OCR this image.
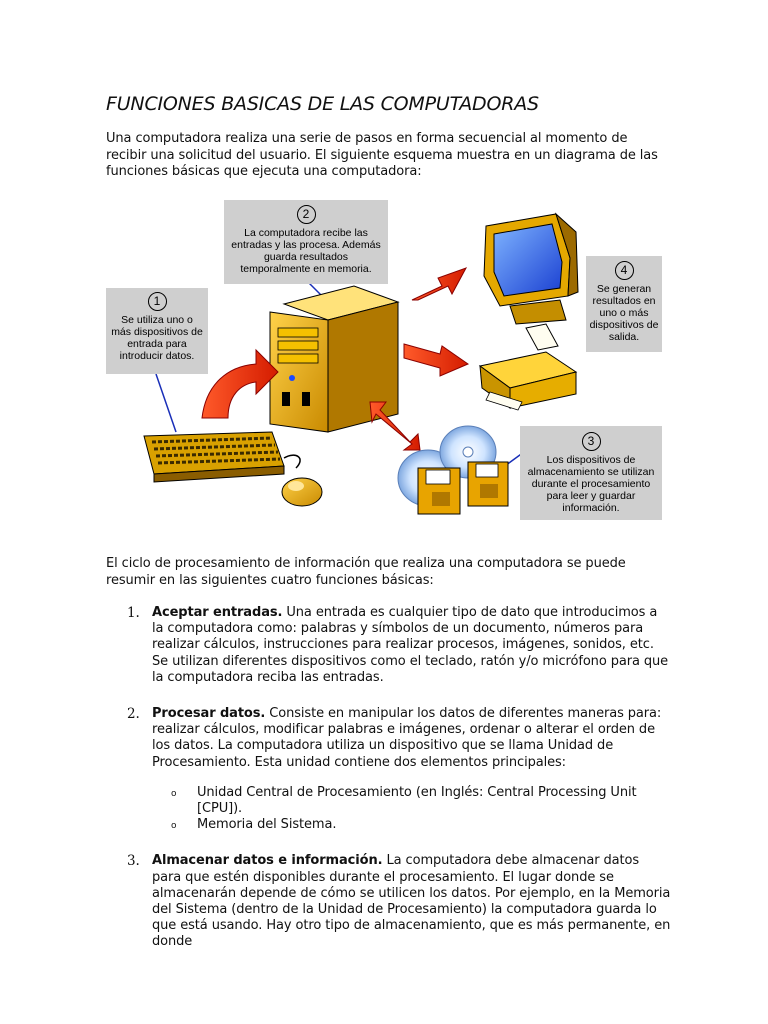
FUNCIONES BASICAS DE LAS COMPUTADORAS
Una computadora realiza una serie de pasos en forma secuencial al momento de recibir una solicitud del usuario. El siguiente esquema muestra en un diagrama de las funciones básicas que ejecuta una computadora:
1
Se utiliza uno o más dispositivos de entrada para introducir datos.
2
La computadora recibe las entradas y las procesa. Además guarda resultados temporalmente en memoria.
3
Los dispositivos de almacenamiento se utilizan durante el procesamiento para leer y guardar información.
4
Se generan resultados en uno o más dispositivos de salida.
El ciclo de procesamiento de información que realiza una computadora se puede resumir en las siguientes cuatro funciones básicas:
1. Aceptar entradas. Una entrada es cualquier tipo de dato que introducimos a la computadora como: palabras y símbolos de un documento, números para realizar cálculos, instrucciones para realizar procesos, imágenes, sonidos, etc. Se utilizan diferentes dispositivos como el teclado, ratón y/o micrófono para que la computadora reciba las entradas.
2. Procesar datos. Consiste en manipular los datos de diferentes maneras para: realizar cálculos, modificar palabras e imágenes, ordenar o alterar el orden de los datos. La computadora utiliza un dispositivo que se llama Unidad de Procesamiento. Esta unidad contiene dos elementos principales:
o Unidad Central de Procesamiento (en Inglés: Central Processing Unit [CPU]).
o Memoria del Sistema.
3. Almacenar datos e información. La computadora debe almacenar datos para que estén disponibles durante el procesamiento. El lugar donde se almacenarán depende de cómo se utilicen los datos. Por ejemplo, en la Memoria del Sistema (dentro de la Unidad de Procesamiento) la computadora guarda lo que está usando. Hay otro tipo de almacenamiento, que es más permanente, en donde
